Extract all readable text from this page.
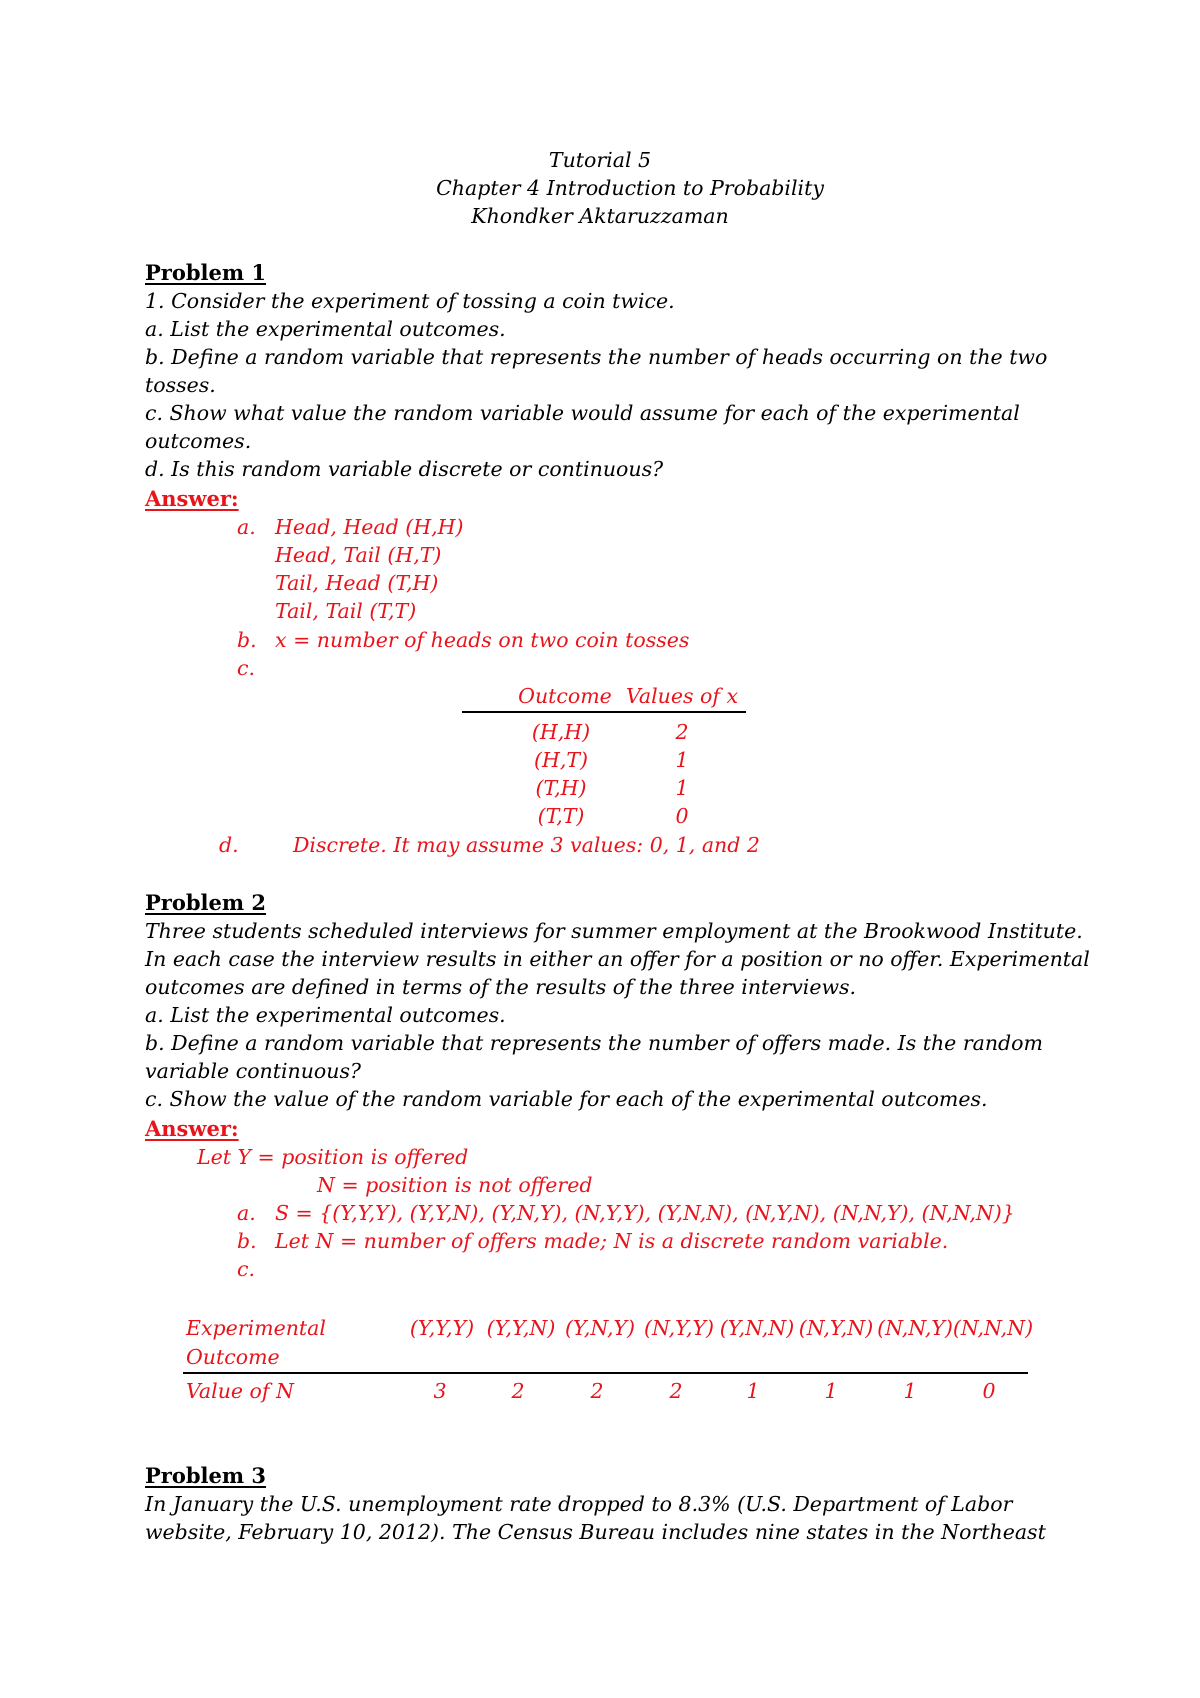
Tutorial 5
Chapter 4 Introduction to Probability
Khondker Aktaruzzaman
Problem 1
1. Consider the experiment of tossing a coin twice.
a. List the experimental outcomes.
b. Define a random variable that represents the number of heads occurring on the two
tosses.
c. Show what value the random variable would assume for each of the experimental
outcomes.
d. Is this random variable discrete or continuous?
Answer:
a. Head, Head (H,H)
Head, Tail (H,T)
Tail, Head (T,H)
Tail, Tail (T,T)
b. x = number of heads on two coin tosses
c.
Outcome Values of x
(H,H)	2
(H,T)	1
(T,H)	1
(T,T)	0
d.	Discrete. It may assume 3 values: 0, 1, and 2
Problem 2
Three students scheduled interviews for summer employment at the Brookwood Institute.
In each case the interview results in either an offer for a position or no offer. Experimental
outcomes are defined in terms of the results of the three interviews.
a. List the experimental outcomes.
b. Define a random variable that represents the number of offers made. Is the random
variable continuous?
c. Show the value of the random variable for each of the experimental outcomes.
Answer:
Let Y = position is offered
N = position is not offered
a. S = {(Y,Y,Y), (Y,Y,N), (Y,N,Y), (N,Y,Y), (Y,N,N), (N,Y,N), (N,N,Y), (N,N,N)}
b. Let N = number of offers made; N is a discrete random variable.
c.
Experimental
Outcome
(Y,Y,Y) (Y,Y,N) (Y,N,Y) (N,Y,Y) (Y,N,N) (N,Y,N) (N,N,Y) (N,N,N)
Value of N	3	2	2	2	1	1	1	0
Problem 3
In January the U.S. unemployment rate dropped to 8.3% (U.S. Department of Labor
website, February 10, 2012). The Census Bureau includes nine states in the Northeast
